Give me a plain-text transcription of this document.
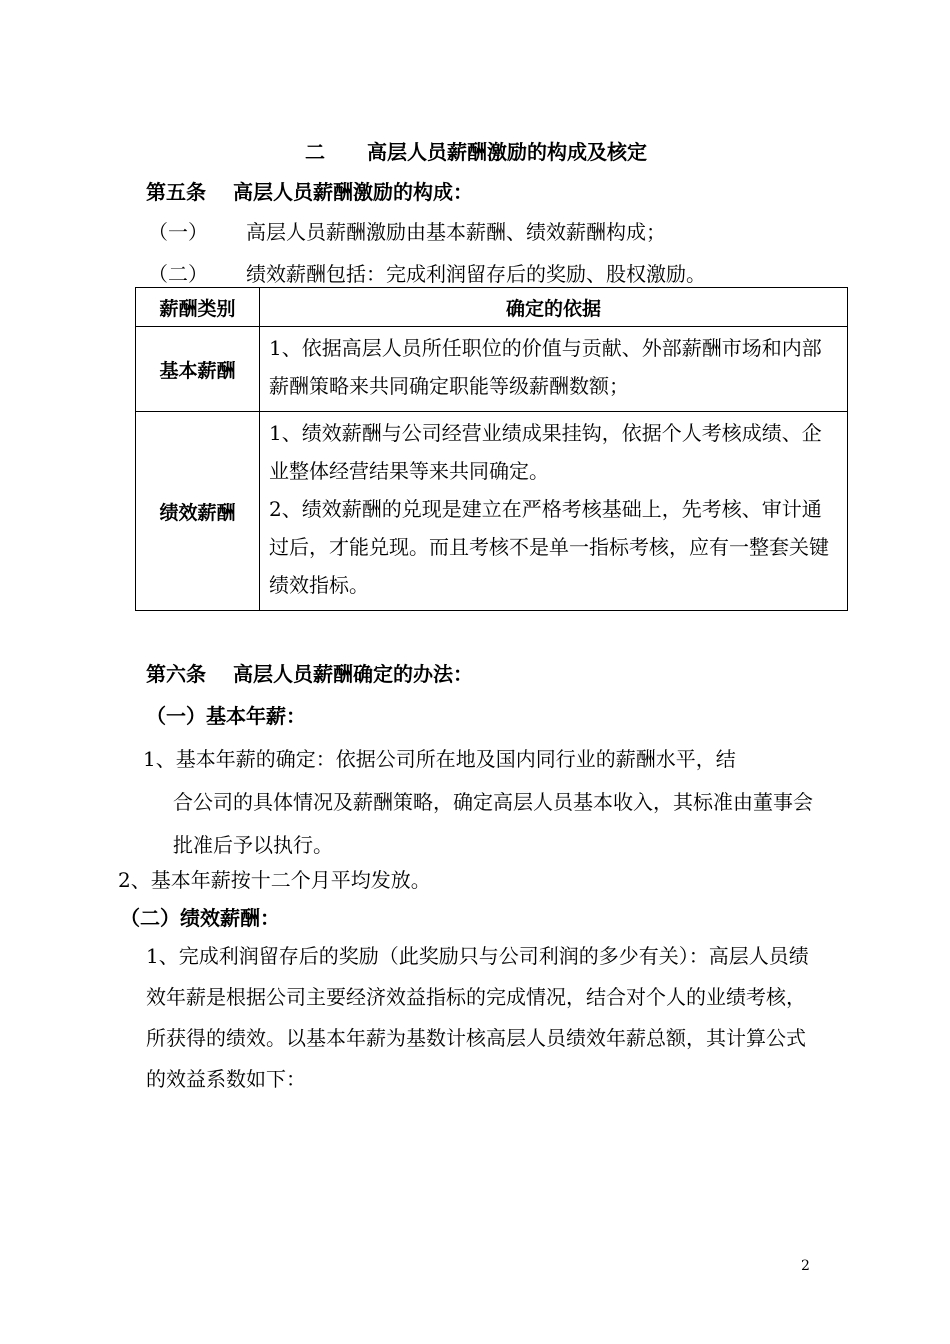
二 高层人员薪酬激励的构成及核定
第五条 高层人员薪酬激励的构成：
（一） 高层人员薪酬激励由基本薪酬、绩效薪酬构成；
（二） 绩效薪酬包括：完成利润留存后的奖励、股权激励。
薪酬类别	确定的依据
基本薪酬	1、依据高层人员所任职位的价值与贡献、外部薪酬市场和内部薪酬策略来共同确定职能等级薪酬数额；

绩效薪酬	1、绩效薪酬与公司经营业绩成果挂钩，依据个人考核成绩、企业整体经营结果等来共同确定。
2、绩效薪酬的兑现是建立在严格考核基础上，先考核、审计通过后，才能兑现。而且考核不是单一指标考核，应有一整套关键绩效指标。
第六条 高层人员薪酬确定的办法：
（一）基本年薪：
1、基本年薪的确定：依据公司所在地及国内同行业的薪酬水平，结
合公司的具体情况及薪酬策略，确定高层人员基本收入，其标准由董事会批准后予以执行。
2、基本年薪按十二个月平均发放。
（二）绩效薪酬：
1、完成利润留存后的奖励（此奖励只与公司利润的多少有关）：高层人员绩效年薪是根据公司主要经济效益指标的完成情况，结合对个人的业绩考核，所获得的绩效。以基本年薪为基数计核高层人员绩效年薪总额，其计算公式的效益系数如下：
2
